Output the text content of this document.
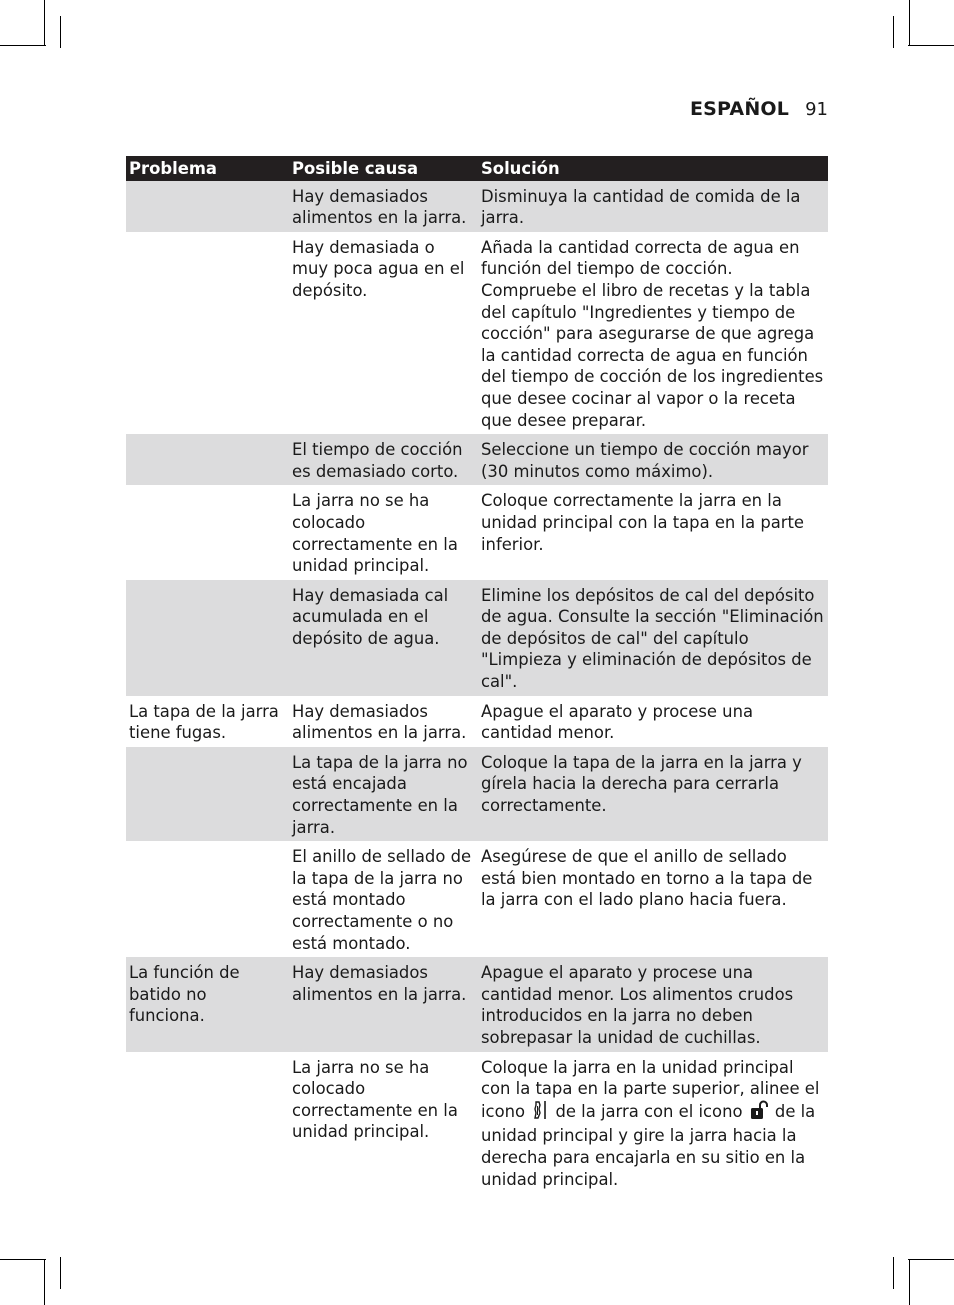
ESPAÑOL 91
Problema	Posible causa	Solución
	Hay demasiados alimentos en la jarra.	Disminuya la cantidad de comida de la jarra.
	Hay demasiada o muy poca agua en el depósito.	Añada la cantidad correcta de agua en función del tiempo de cocción. Compruebe el libro de recetas y la tabla del capítulo "Ingredientes y tiempo de cocción" para asegurarse de que agrega la cantidad correcta de agua en función del tiempo de cocción de los ingredientes que desee cocinar al vapor o la receta que desee preparar.
	El tiempo de cocción es demasiado corto.	Seleccione un tiempo de cocción mayor (30 minutos como máximo).
	La jarra no se ha colocado correctamente en la unidad principal.	Coloque correctamente la jarra en la unidad principal con la tapa en la parte inferior.
	Hay demasiada cal acumulada en el depósito de agua.	Elimine los depósitos de cal del depósito de agua. Consulte la sección "Eliminación de depósitos de cal" del capítulo "Limpieza y eliminación de depósitos de cal".
La tapa de la jarra tiene fugas.	Hay demasiados alimentos en la jarra.	Apague el aparato y procese una cantidad menor.
	La tapa de la jarra no está encajada correctamente en la jarra.	Coloque la tapa de la jarra en la jarra y gírela hacia la derecha para cerrarla correctamente.
	El anillo de sellado de la tapa de la jarra no está montado correctamente o no está montado.	Asegúrese de que el anillo de sellado está bien montado en torno a la tapa de la jarra con el lado plano hacia fuera.
La función de batido no funciona.	Hay demasiados alimentos en la jarra.	Apague el aparato y procese una cantidad menor. Los alimentos crudos introducidos en la jarra no deben sobrepasar la unidad de cuchillas.
	La jarra no se ha colocado correctamente en la unidad principal.	Coloque la jarra en la unidad principal con la tapa en la parte superior, alinee el icono  de la jarra con el icono  de la unidad principal y gire la jarra hacia la derecha para encajarla en su sitio en la unidad principal.
